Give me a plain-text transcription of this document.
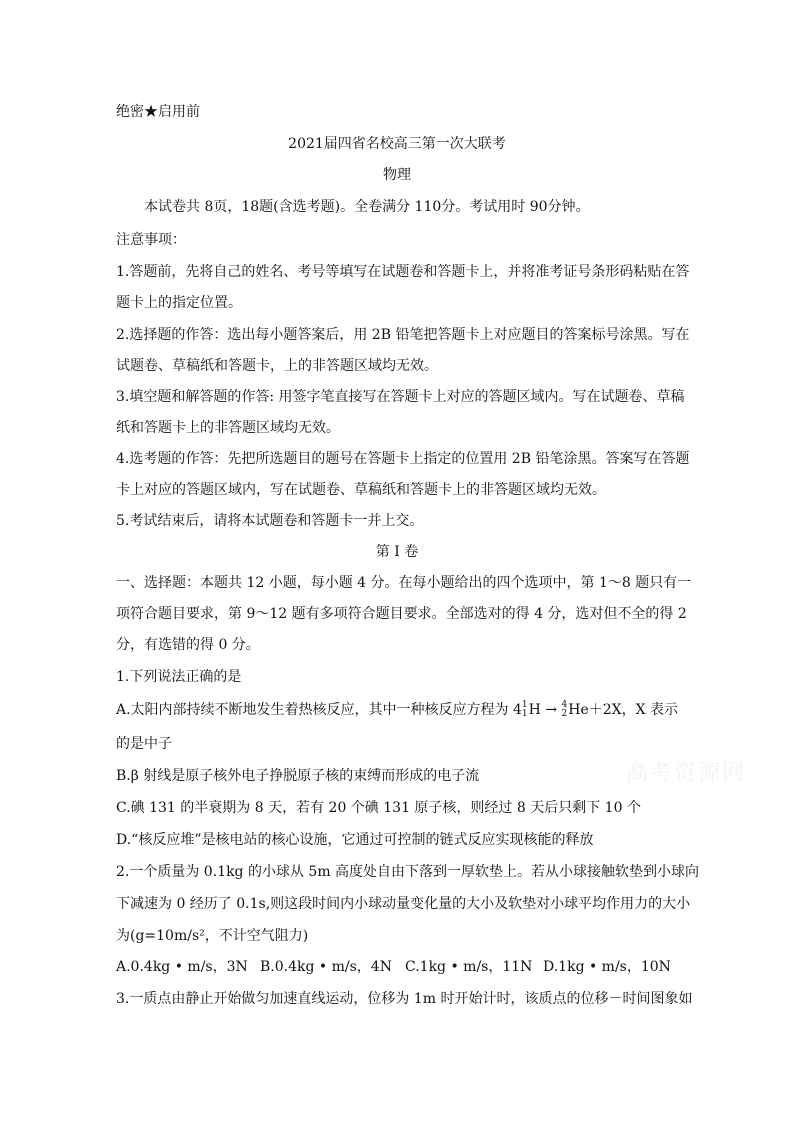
绝密★启用前
2021届四省名校高三第一次大联考
物理
本试卷共 8页，18题(含选考题)。全卷满分 110分。考试用时 90分钟。
注意事项：
1.答题前，先将自己的姓名、考号等填写在试题卷和答题卡上，并将准考证号条形码粘贴在答
题卡上的指定位置。
2.选择题的作答：选出每小题答案后，用 2B 铅笔把答题卡上对应题目的答案标号涂黑。写在
试题卷、草稿纸和答题卡，上的非答题区域均无效。
3.填空题和解答题的作答: 用签字笔直接写在答题卡上对应的答题区域内。写在试题卷、草稿
纸和答题卡上的非答题区域均无效。
4.选考题的作答：先把所选题目的题号在答题卡上指定的位置用 2B 铅笔涂黑。答案写在答题
卡上对应的答题区域内，写在试题卷、草稿纸和答题卡上的非答题区域均无效。
5.考试结束后，请将本试题卷和答题卡一并上交。
第 I 卷
一、选择题：本题共 12 小题，每小题 4 分。在每小题给出的四个选项中，第 1～8 题只有一
项符合题目要求，第 9～12 题有多项符合题目要求。全部选对的得 4 分，选对但不全的得 2
分，有选错的得 0 分。
1.下列说法正确的是
A.太阳内部持续不断地发生着热核反应，其中一种核反应方程为 4 1
1 H → 4
2 He＋2X，X 表示
的是中子
B.β 射线是原子核外电子挣脱原子核的束缚而形成的电子流
C.碘 131 的半衰期为 8 天，若有 20 个碘 131 原子核，则经过 8 天后只剩下 10 个
D.“核反应堆”是核电站的核心设施，它通过可控制的链式反应实现核能的释放
2.一个质量为 0.1kg 的小球从 5m 高度处自由下落到一厚软垫上。若从小球接触软垫到小球向
下减速为 0 经历了 0.1s,则这段时间内小球动量变化量的大小及软垫对小球平均作用力的大小
为(g=10m/s²，不计空气阻力)
A.0.4kg • m/s，3N B.0.4kg • m/s，4N C.1kg • m/s，11N D.1kg • m/s，10N
3.一质点由静止开始做匀加速直线运动，位移为 1m 时开始计时，该质点的位移－时间图象如
高考资源网
